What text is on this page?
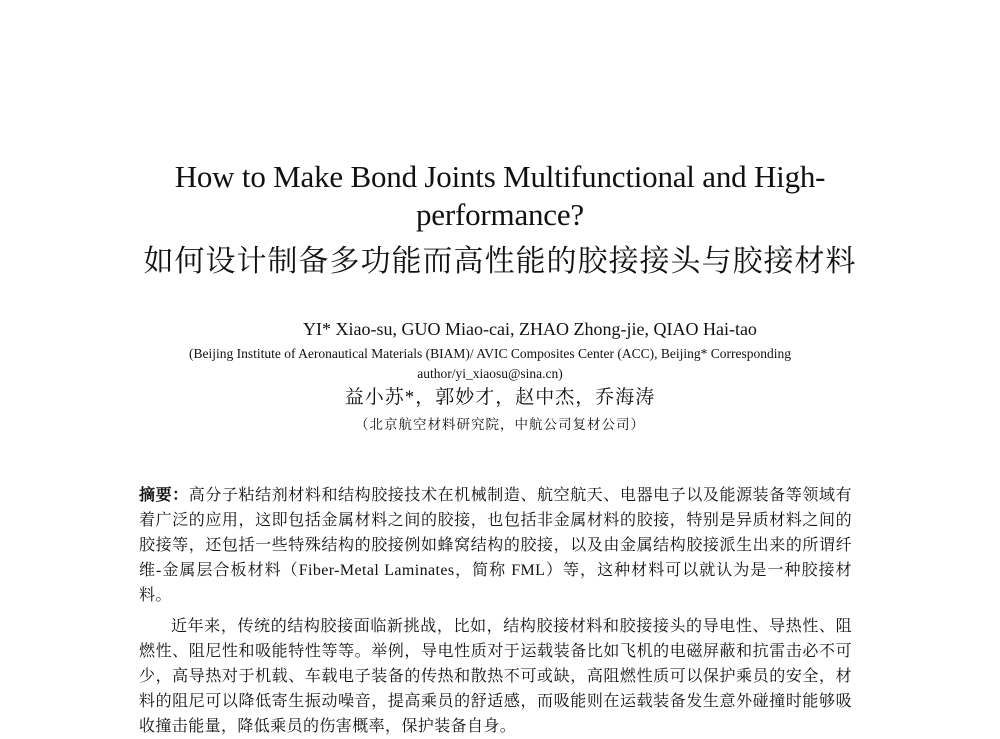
How to Make Bond Joints Multifunctional and High-performance?
如何设计制备多功能而高性能的胶接接头与胶接材料
YI* Xiao-su, GUO Miao-cai, ZHAO Zhong-jie, QIAO Hai-tao
(Beijing Institute of Aeronautical Materials (BIAM)/ AVIC Composites Center (ACC), Beijing* Corresponding author/yi_xiaosu@sina.cn)
益小苏*，郭妙才，赵中杰，乔海涛
（北京航空材料研究院，中航公司复材公司）

摘要：高分子粘结剂材料和结构胶接技术在机械制造、航空航天、电器电子以及能源装备等领域有着广泛的应用，这即包括金属材料之间的胶接，也包括非金属材料的胶接，特别是异质材料之间的胶接等，还包括一些特殊结构的胶接例如蜂窝结构的胶接，以及由金属结构胶接派生出来的所谓纤维-金属层合板材料（Fiber-Metal Laminates，简称 FML）等，这种材料可以就认为是一种胶接材料。

近年来，传统的结构胶接面临新挑战，比如，结构胶接材料和胶接接头的导电性、导热性、阻燃性、阻尼性和吸能特性等等。举例，导电性质对于运载装备比如飞机的电磁屏蔽和抗雷击必不可少，高导热对于机载、车载电子装备的传热和散热不可或缺，高阻燃性质可以保护乘员的安全，材料的阻尼可以降低寄生振动噪音，提高乘员的舒适感，而吸能则在运载装备发生意外碰撞时能够吸收撞击能量，降低乘员的伤害概率，保护装备自身。
